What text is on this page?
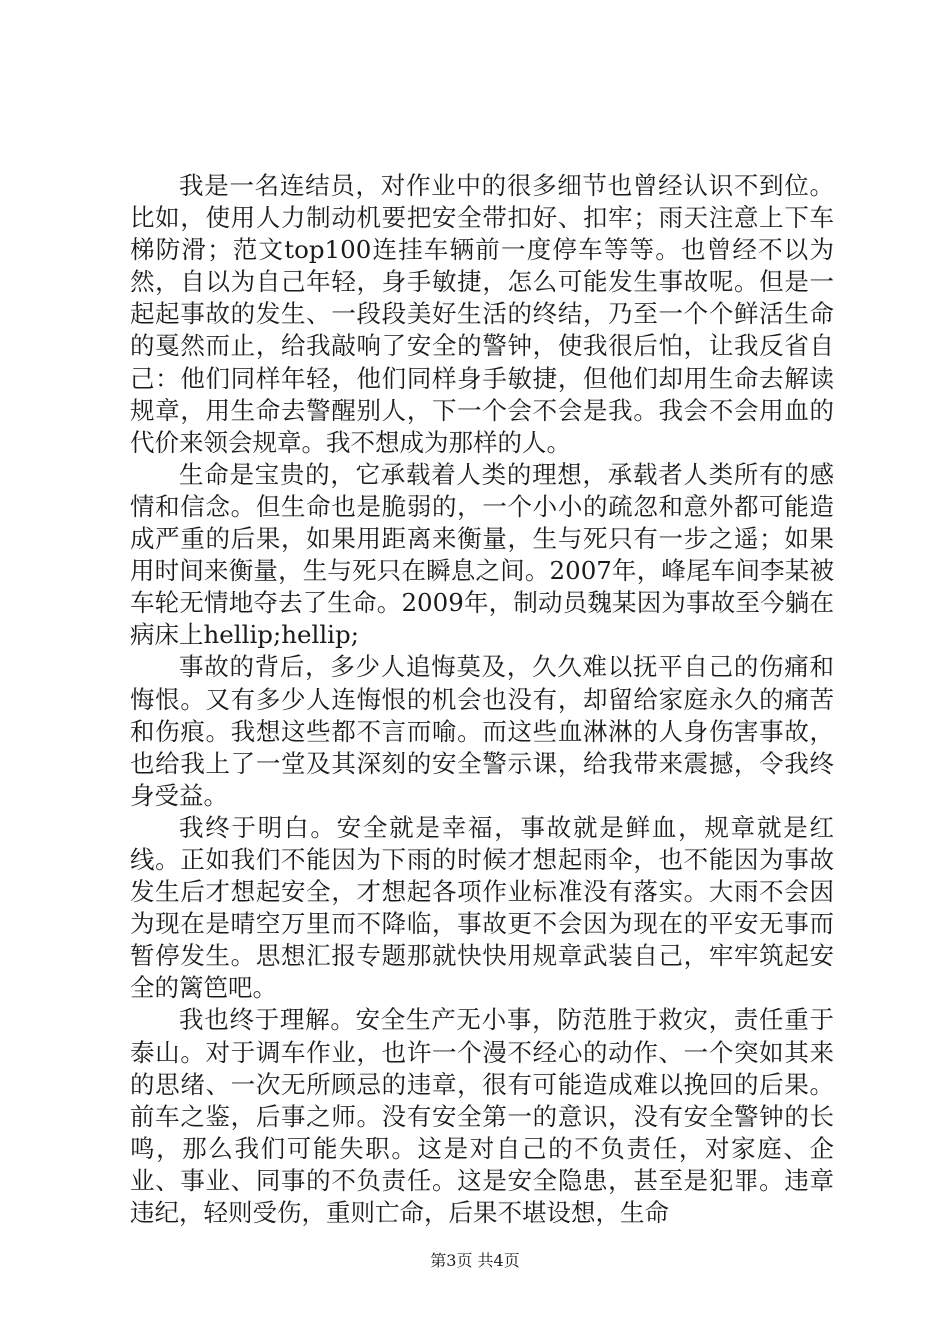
我是一名连结员，对作业中的很多细节也曾经认识不到位。比如，使用人力制动机要把安全带扣好、扣牢；雨天注意上下车梯防滑；范文top100连挂车辆前一度停车等等。也曾经不以为然，自以为自己年轻，身手敏捷，怎么可能发生事故呢。但是一起起事故的发生、一段段美好生活的终结，乃至一个个鲜活生命的戛然而止，给我敲响了安全的警钟，使我很后怕，让我反省自己：他们同样年轻，他们同样身手敏捷，但他们却用生命去解读规章，用生命去警醒别人，下一个会不会是我。我会不会用血的代价来领会规章。我不想成为那样的人。

生命是宝贵的，它承载着人类的理想，承载者人类所有的感情和信念。但生命也是脆弱的，一个小小的疏忽和意外都可能造成严重的后果，如果用距离来衡量，生与死只有一步之遥；如果用时间来衡量，生与死只在瞬息之间。2007年，峰尾车间李某被车轮无情地夺去了生命。2009年，制动员魏某因为事故至今躺在病床上hellip;hellip;

事故的背后，多少人追悔莫及，久久难以抚平自己的伤痛和悔恨。又有多少人连悔恨的机会也没有，却留给家庭永久的痛苦和伤痕。我想这些都不言而喻。而这些血淋淋的人身伤害事故，也给我上了一堂及其深刻的安全警示课，给我带来震撼，令我终身受益。

我终于明白。安全就是幸福，事故就是鲜血，规章就是红线。正如我们不能因为下雨的时候才想起雨伞，也不能因为事故发生后才想起安全，才想起各项作业标准没有落实。大雨不会因为现在是晴空万里而不降临，事故更不会因为现在的平安无事而暂停发生。思想汇报专题那就快快用规章武装自己，牢牢筑起安全的篱笆吧。

我也终于理解。安全生产无小事，防范胜于救灾，责任重于泰山。对于调车作业，也许一个漫不经心的动作、一个突如其来的思绪、一次无所顾忌的违章，很有可能造成难以挽回的后果。前车之鉴，后事之师。没有安全第一的意识，没有安全警钟的长鸣，那么我们可能失职。这是对自己的不负责任，对家庭、企业、事业、同事的不负责任。这是安全隐患，甚至是犯罪。违章违纪，轻则受伤，重则亡命，后果不堪设想，生命

第3页 共4页
